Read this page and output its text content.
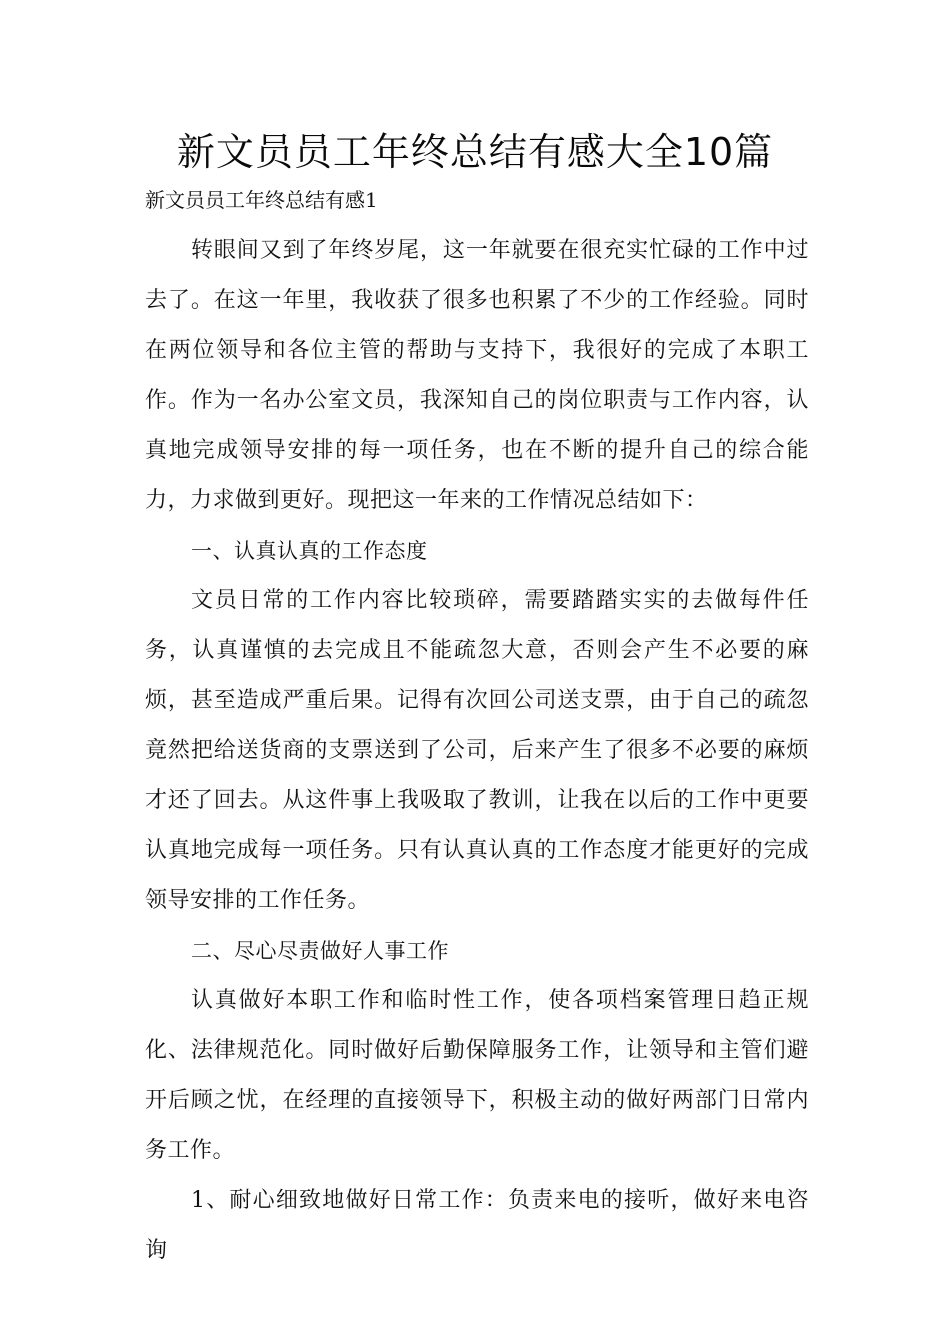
新文员员工年终总结有感大全10篇

新文员员工年终总结有感1

转眼间又到了年终岁尾，这一年就要在很充实忙碌的工作中过去了。在这一年里，我收获了很多也积累了不少的工作经验。同时在两位领导和各位主管的帮助与支持下，我很好的完成了本职工作。作为一名办公室文员，我深知自己的岗位职责与工作内容，认真地完成领导安排的每一项任务，也在不断的提升自己的综合能力，力求做到更好。现把这一年来的工作情况总结如下：

一、认真认真的工作态度

文员日常的工作内容比较琐碎，需要踏踏实实的去做每件任务，认真谨慎的去完成且不能疏忽大意，否则会产生不必要的麻烦，甚至造成严重后果。记得有次回公司送支票，由于自己的疏忽竟然把给送货商的支票送到了公司，后来产生了很多不必要的麻烦才还了回去。从这件事上我吸取了教训，让我在以后的工作中更要认真地完成每一项任务。只有认真认真的工作态度才能更好的完成领导安排的工作任务。

二、尽心尽责做好人事工作

认真做好本职工作和临时性工作，使各项档案管理日趋正规化、法律规范化。同时做好后勤保障服务工作，让领导和主管们避开后顾之忧，在经理的直接领导下，积极主动的做好两部门日常内务工作。

1、耐心细致地做好日常工作：负责来电的接听，做好来电咨询
